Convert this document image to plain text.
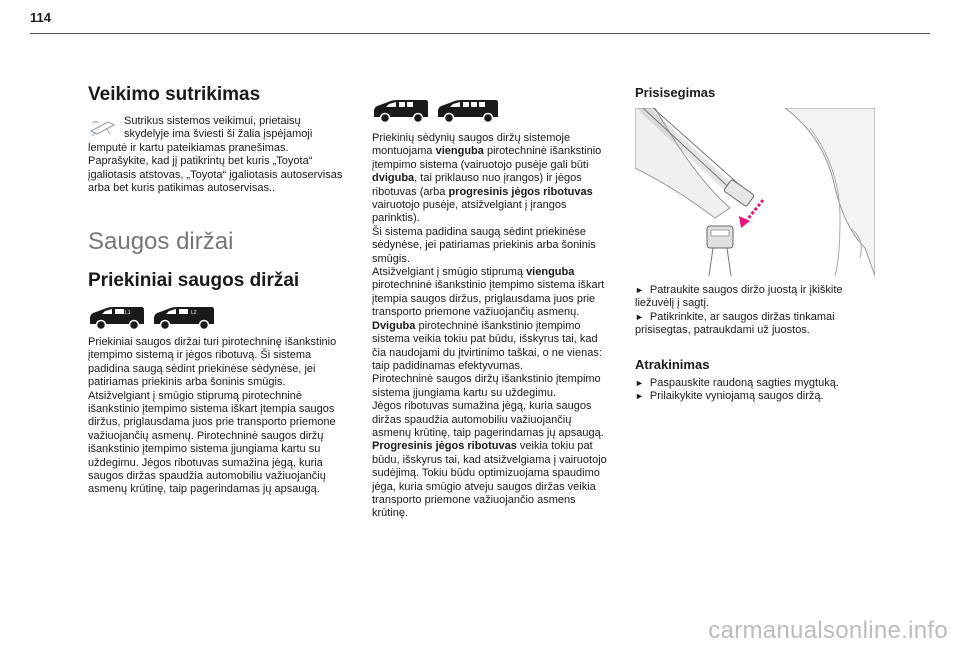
114
Veikimo sutrikimas

Sutrikus sistemos veikimui, prietaisų skydelyje ima šviesti ši žalia įspėjamoji lemputė ir kartu pateikiamas pranešimas. Paprašykite, kad jį patikrintų bet kuris „Toyota“ įgaliotasis atstovas, „Toyota“ įgaliotasis autoservisas arba bet kuris patikimas autoservisas..

Saugos diržai
Priekiniai saugos diržai
L1	L2

Priekiniai saugos diržai turi pirotechninę išankstinio įtempimo sistemą ir jėgos ribotuvą. Ši sistema padidina saugą sėdint priekinėse sėdynėse, jei patiriamas priekinis arba šoninis smūgis. Atsižvelgiant į smūgio stiprumą pirotechninė išankstinio įtempimo sistema iškart įtempia saugos diržus, priglausdama juos prie transporto priemone važiuojančių asmenų. Pirotechninė saugos diržų išankstinio įtempimo sistema įjungiama kartu su uždegimu. Jėgos ribotuvas sumažina jėgą, kuria saugos diržas spaudžia automobiliu važiuojančių asmenų krūtinę, taip pagerindamas jų apsaugą.

Priekinių sėdynių saugos diržų sistemoje montuojama vienguba pirotechninė išankstinio įtempimo sistema (vairuotojo pusėje gali būti dviguba, tai priklauso nuo įrangos) ir jėgos ribotuvas (arba progresinis jėgos ribotuvas vairuotojo pusėje, atsižvelgiant į įrangos parinktis).

Ši sistema padidina saugą sėdint priekinėse sėdynėse, jei patiriamas priekinis arba šoninis smūgis.

Atsižvelgiant į smūgio stiprumą vienguba pirotechninė išankstinio įtempimo sistema iškart įtempia saugos diržus, priglausdama juos prie transporto priemone važiuojančių asmenų.

Dviguba pirotechninė išankstinio įtempimo sistema veikia tokiu pat būdu, išskyrus tai, kad čia naudojami du įtvirtinimo taškai, o ne vienas: taip padidinamas efektyvumas.

Pirotechninė saugos diržų išankstinio įtempimo sistema įjungiama kartu su uždegimu.

Jėgos ribotuvas sumažina jėgą, kuria saugos diržas spaudžia automobiliu važiuojančių asmenų krūtinę, taip pagerindamas jų apsaugą.

Progresinis jėgos ribotuvas veikia tokiu pat būdu, išskyrus tai, kad atsižvelgiama į vairuotojo sudėjimą. Tokiu būdu optimizuojama spaudimo jėga, kuria smūgio atveju saugos diržas veikia transporto priemone važiuojančio asmens krūtinę.

Prisisegimas

► Patraukite saugos diržo juostą ir įkiškite liežuvėlį į sagtį.

► Patikrinkite, ar saugos diržas tinkamai prisisegtas, patraukdami už juostos.

Atrakinimas

► Paspauskite raudoną sagties mygtuką.

► Prilaikykite vyniojamą saugos diržą.

carmanualsonline.info
